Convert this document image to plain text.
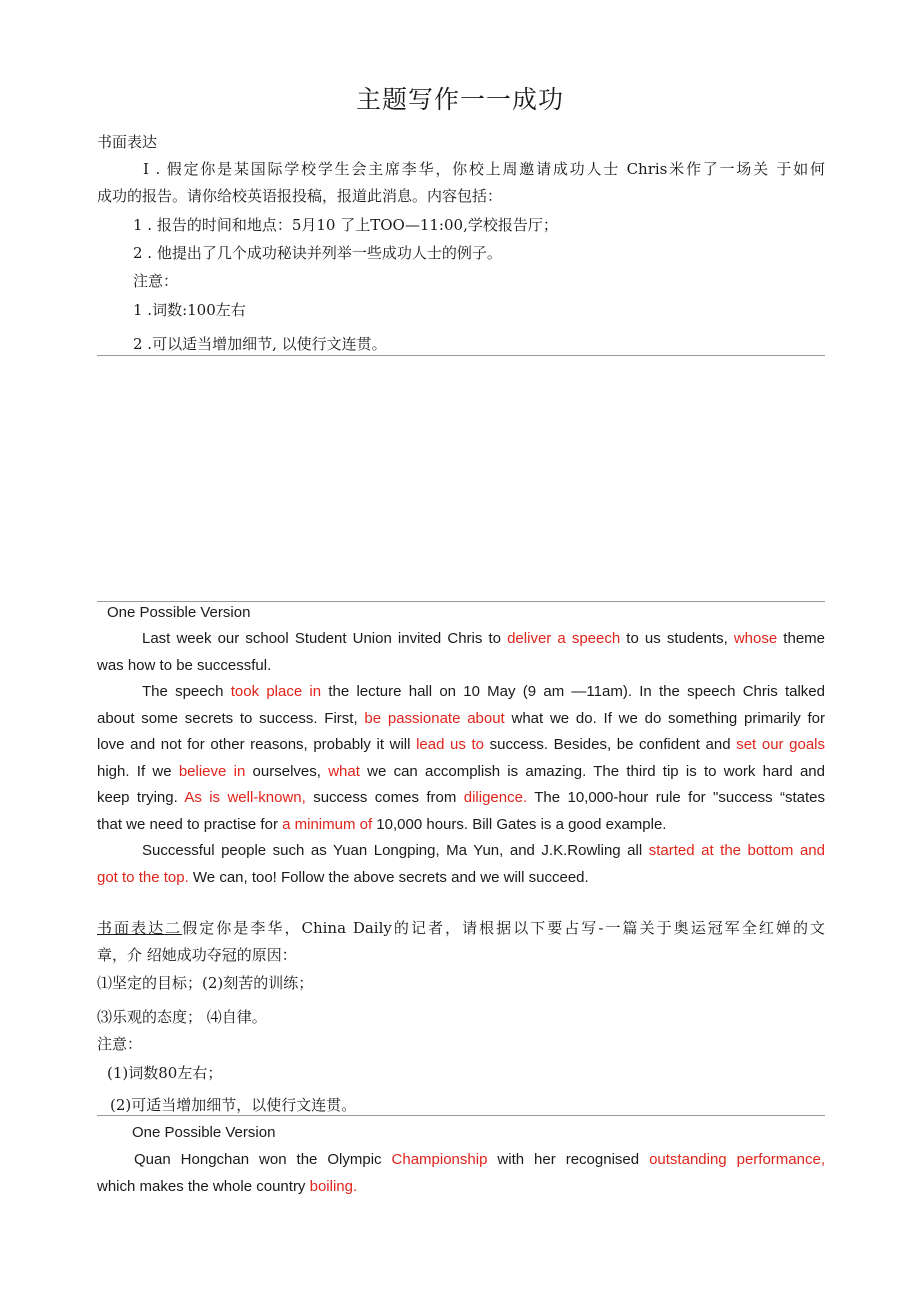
主题写作一一成功
书面表达
I . 假定你是某国际学校学生会主席李华，你校上周邀请成功人士 Chris米作了一场关 于如何
成功的报告。请你给校英语报投稿，报道此消息。内容包括：
1 . 报告的时间和地点：5月10 了上TOO—11:00,学校报告厅；
2 . 他提出了几个成功秘诀并列举一些成功人士的例子。
注意：
1 .词数:100左右
2 .可以适当增加细节, 以使行文连贯。
One Possible Version
Last week our school Student Union invited Chris to deliver a speech to us students, whose theme
was how to be successful.
The speech took place in the lecture hall on 10 May (9 am —11am). In the speech Chris talked
about some secrets to success. First, be passionate about what we do. If we do something primarily for
love and not for other reasons, probably it will lead us to success. Besides, be confident and set our goals
high. If we believe in ourselves, what we can accomplish is amazing. The third tip is to work hard and
keep trying. As is well-known, success comes from diligence. The 10,000-hour rule for "success “states
that we need to practise for a minimum of 10,000 hours. Bill Gates is a good example.
Successful people such as Yuan Longping, Ma Yun, and J.K.Rowling all started at the bottom and
got to the top. We can, too! Follow the above secrets and we will succeed.
书面表达二假定你是李华，China Daily的记者，请根据以下要占写-一篇关于奥运冠军全红婵的文
章，介 绍她成功夺冠的原因：
⑴坚定的目标；(2)刻苦的训练；
⑶乐观的态度； ⑷自律。
注意：
(1)词数80左右；
(2)可适当增加细节，以使行文连贯。
One Possible Version
Quan Hongchan won the Olympic Championship with her recognised outstanding performance,
which makes the whole country boiling.
